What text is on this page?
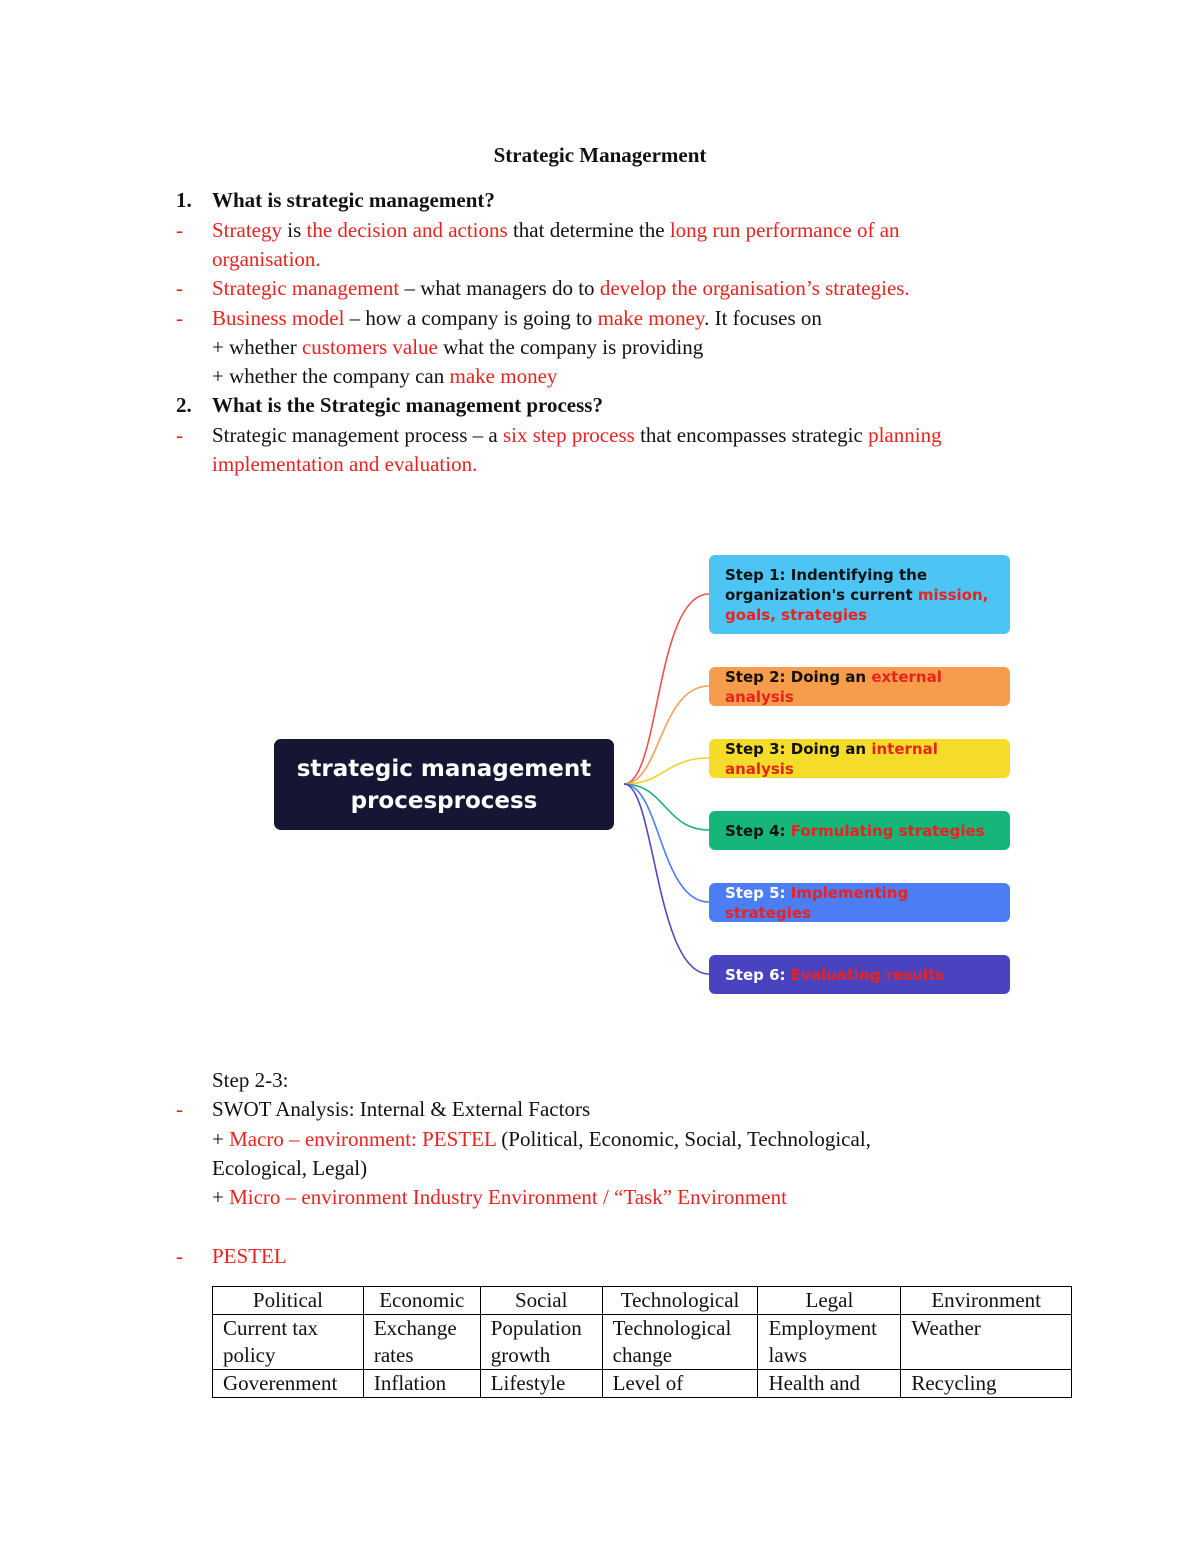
Strategic Managerment
1. What is strategic management?
- Strategy is the decision and actions that determine the long run performance of an
organisation.
- Strategic management – what managers do to develop the organisation’s strategies.
- Business model – how a company is going to make money. It focuses on
+ whether customers value what the company is providing
+ whether the company can make money
2. What is the Strategic management process?
- Strategic management process – a six step process that encompasses strategic planning
implementation and evaluation.
strategic management
procesprocess
Step 1: Indentifying the organization's current mission, goals, strategies
Step 2: Doing an external analysis
Step 3: Doing an internal analysis
Step 4: Formulating strategies
Step 5: Implementing strategies
Step 6: Evaluating results
Step 2-3:
- SWOT Analysis: Internal & External Factors
+ Macro – environment: PESTEL (Political, Economic, Social, Technological,
Ecological, Legal)
+ Micro – environment Industry Environment / “Task” Environment
- PESTEL
Political	Economic	Social	Technological	Legal	Environment
Current tax policy	Exchange rates	Population growth	Technological change	Employment laws	Weather
Goverenment	Inflation	Lifestyle	Level of	Health and	Recycling
